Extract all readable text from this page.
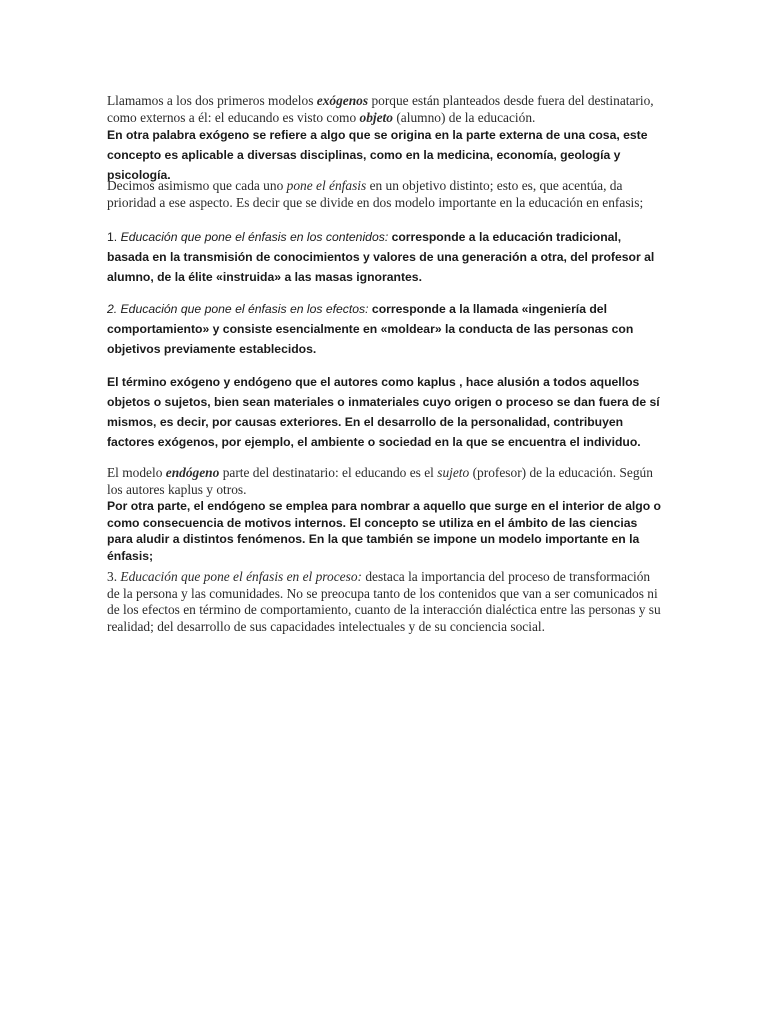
Llamamos a los dos primeros modelos exógenos porque están planteados desde fuera del destinatario, como externos a él: el educando es visto como objeto (alumno) de la educación.

En otra palabra exógeno se refiere a algo que se origina en la parte externa de una cosa, este concepto es aplicable a diversas disciplinas, como en la medicina, economía, geología y psicología.

Decimos asimismo que cada uno pone el énfasis en un objetivo distinto; esto es, que acentúa, da prioridad a ese aspecto. Es decir que se divide en dos modelo importante en la educación en enfasis;

1. Educación que pone el énfasis en los contenidos: corresponde a la educación tradicional, basada en la transmisión de conocimientos y valores de una generación a otra, del profesor al alumno, de la élite «instruida» a las masas ignorantes.

2. Educación que pone el énfasis en los efectos: corresponde a la llamada «ingeniería del comportamiento» y consiste esencialmente en «moldear» la conducta de las personas con objetivos previamente establecidos.

El término exógeno y endógeno que el autores como kaplus , hace alusión a todos aquellos objetos o sujetos, bien sean materiales o inmateriales cuyo origen o proceso se dan fuera de sí mismos, es decir, por causas exteriores. En el desarrollo de la personalidad, contribuyen factores exógenos, por ejemplo, el ambiente o sociedad en la que se encuentra el individuo.

El modelo endógeno parte del destinatario: el educando es el sujeto (profesor) de la educación. Según los autores kaplus y otros.

Por otra parte, el endógeno se emplea para nombrar a aquello que surge en el interior de algo o como consecuencia de motivos internos. El concepto se utiliza en el ámbito de las ciencias para aludir a distintos fenómenos. En la que también se impone un modelo importante en la énfasis;

3. Educación que pone el énfasis en el proceso: destaca la importancia del proceso de transformación de la persona y las comunidades. No se preocupa tanto de los contenidos que van a ser comunicados ni de los efectos en término de comportamiento, cuanto de la interacción dialéctica entre las personas y su realidad; del desarrollo de sus capacidades intelectuales y de su conciencia social.
